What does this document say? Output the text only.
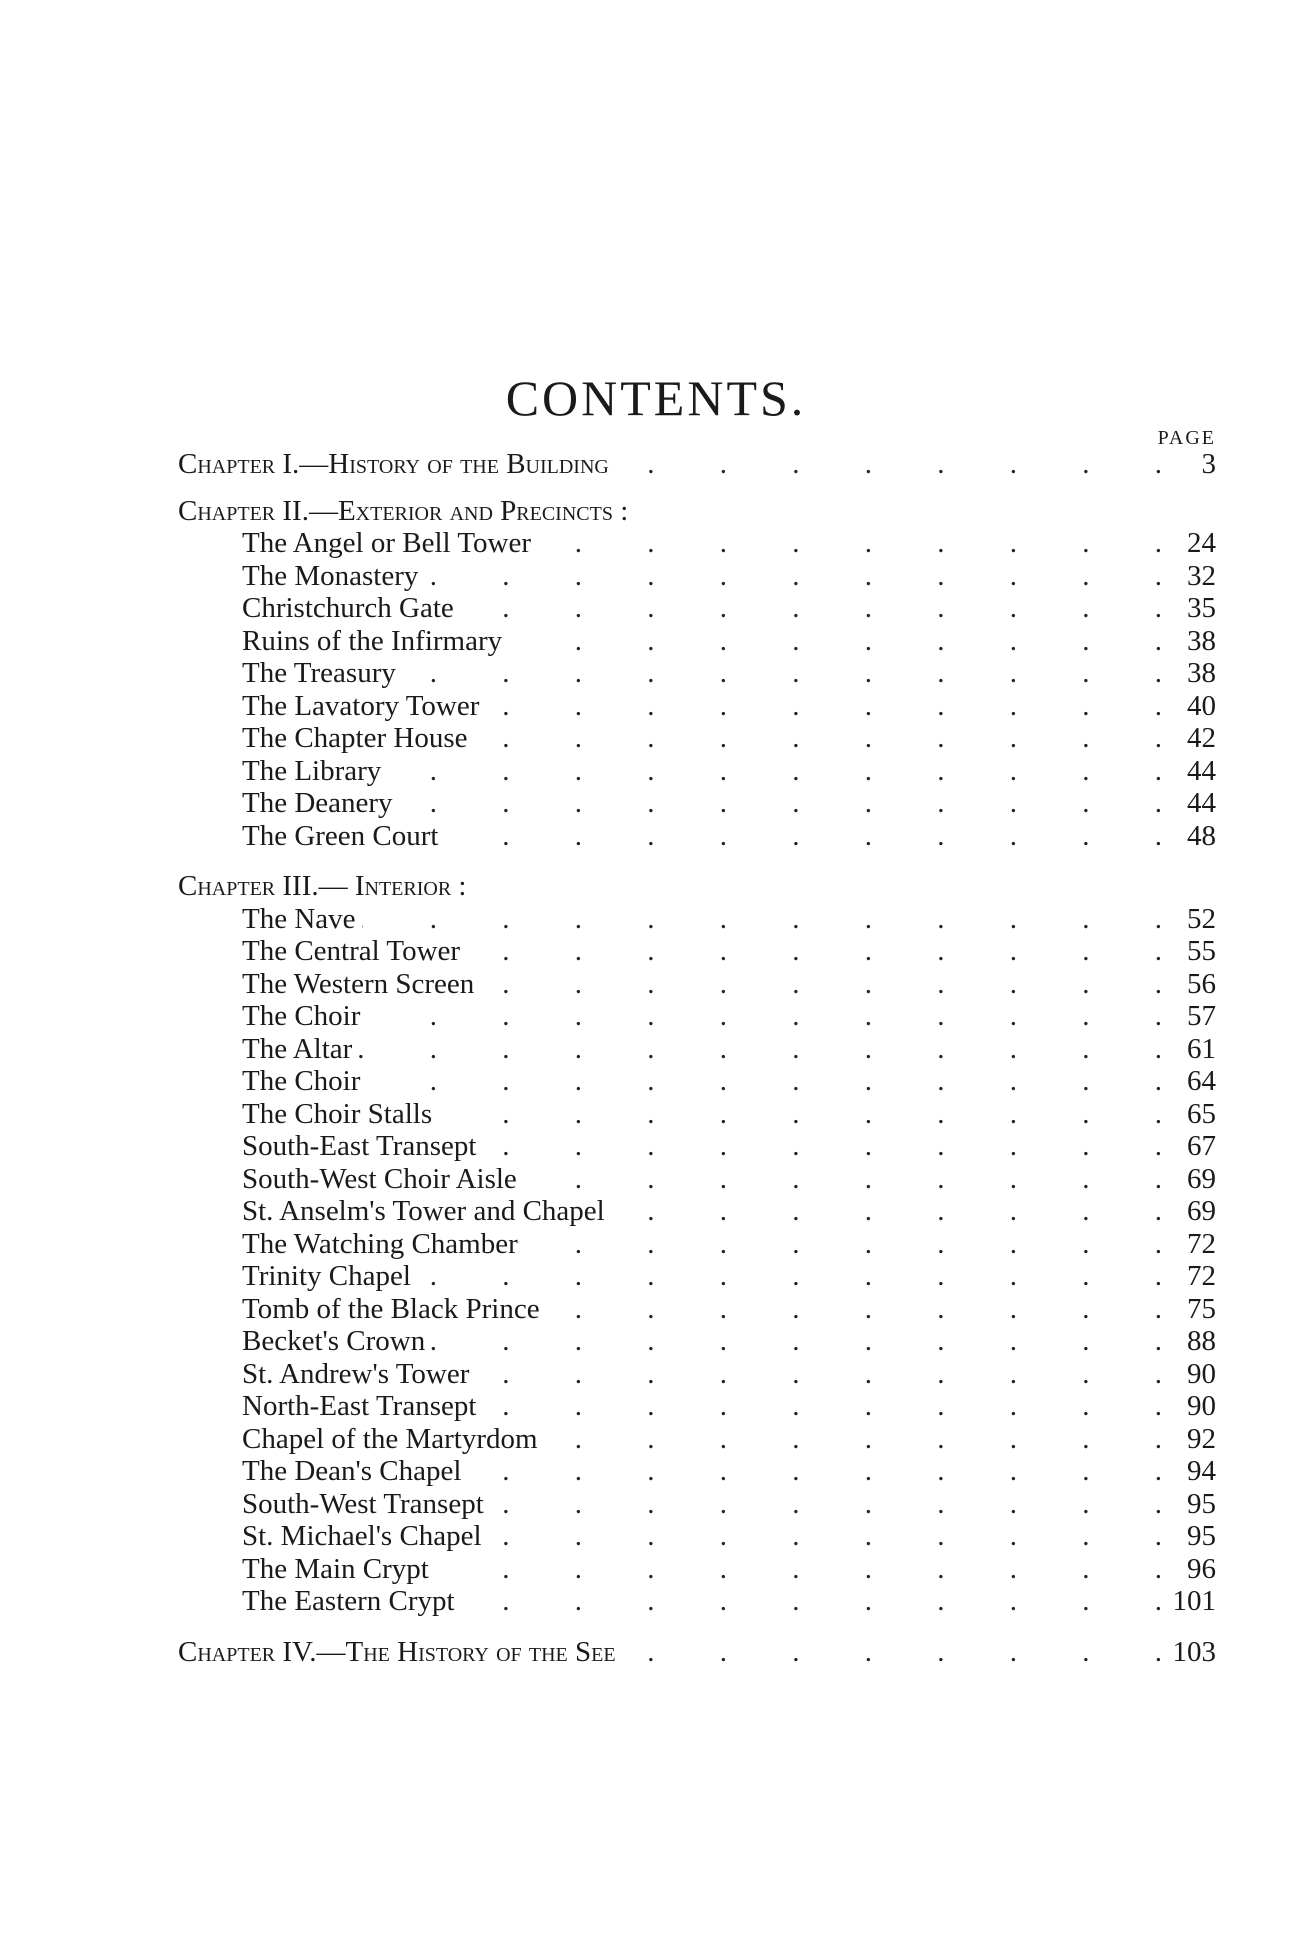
CONTENTS.
PAGE
Chapter I.—History of the Building .	3
Chapter II.—Exterior and Precincts :
The Angel or Bell Tower .	24
The Monastery .	32
Christchurch Gate .	35
Ruins of the Infirmary .	38
The Treasury .	38
The Lavatory Tower .	40
The Chapter House .	42
The Library .	44
The Deanery .	44
The Green Court .	48
Chapter III.— Interior :
The Nave .	52
The Central Tower .	55
The Western Screen .	56
The Choir .	57
The Altar .	61
The Choir .	64
The Choir Stalls .	65
South-East Transept .	67
South-West Choir Aisle .	69
St. Anselm's Tower and Chapel .	69
The Watching Chamber .	72
Trinity Chapel .	72
Tomb of the Black Prince .	75
Becket's Crown .	88
St. Andrew's Tower .	90
North-East Transept .	90
Chapel of the Martyrdom .	92
The Dean's Chapel .	94
South-West Transept .	95
St. Michael's Chapel .	95
The Main Crypt .	96
The Eastern Crypt .	101
Chapter IV.—The History of the See .	103
